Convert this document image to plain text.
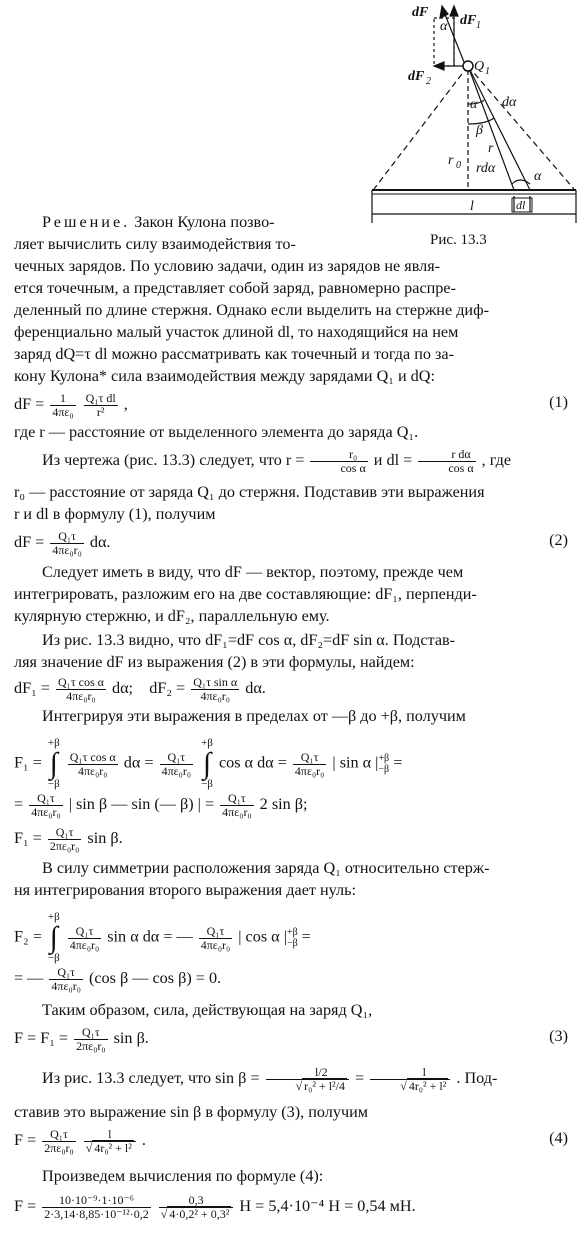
dF
α dF 1
Q 1
dF 2
α dα
β
r
r 0 rdα
α
dl
l
Рис. 13.3
Решение. Закон Кулона позво-
ляет вычислить силу взаимодействия то-
чечных зарядов. По условию задачи, один из зарядов не явля-
ется точечным, а представляет собой заряд, равномерно распре-
деленный по длине стержня. Однако если выделить на стержне диф-
ференциально малый участок длиной dl, то находящийся на нем
заряд dQ=τ dl можно рассматривать как точечный и тогда по за-
кону Кулона* сила взаимодействия между зарядами Q₁ и dQ:
dF = $\frac{1}{\text{4πε₀}}$
$\frac{\text{Q₁τ dl}}{\text{r²}}$ ,	(1)
где r — расстояние от выделенного элемента до заряда Q₁.
Из чертежа (рис. 13.3) следует, что $r = \frac{\text{r₀}}{\text{cos α}}$ и dl = $\frac{\text{r dα}}{\text{cos α}}$ , где
r₀ — расстояние от заряда Q₁ до стержня. Подставив эти выражения
r и dl в формулу (1), получим
dF = $\frac{\text{Q₁τ}}{\text{4πε₀r₀}} d\alpha$.	(2)
Следует иметь в виду, что dF — вектор, поэтому, прежде чем
интегрировать, разложим его на две составляющие: dF₁, перпенди-
кулярную стержню, и dF₂, параллельную ему.
Из рис. 13.3 видно, что dF₁=dF cos α, dF₂=dF sin α. Подстав-
ляя значение dF из выражения (2) в эти формулы, найдем:
$dF_1 = \frac{\text{Q₁τ cos α}}{\text{4πε₀r₀}} d\alpha$; $dF_2 = \frac{\text{Q₁τ sin α}}{\text{4πε₀r₀}} d\alpha$.
Интегрируя эти выражения в пределах от —β до +β, получим
F₁ = +β
∫
−β
$\frac{\text{Q₁τ cos α}}{\text{4πε₀r₀}}$ $d\alpha = \frac{\text{Q₁τ}}{\text{4πε₀r₀}}$
+β
∫
−β cos α $d\alpha = \frac{\text{Q₁τ}}{\text{4πε₀r₀}}$ | sin α | +β
−β =
= $\frac{\text{Q₁τ}}{\text{4πε₀r₀}}$ | sin β — sin (— β) | = $\frac{\text{Q₁τ}}{\text{4πε₀r₀}} 2$ sin β;
$F_1 = \frac{\text{Q₁τ}}{\text{2πε₀r₀}}$ sin β.
В силу симметрии расположения заряда Q₁ относительно стерж-
ня интегрирования второго выражения дает нуль:
F₂ = +β
∫
−β
$\frac{\text{Q₁τ}}{\text{4πε₀r₀}}$ sin α dα = — $\frac{\text{Q₁τ}}{\text{4πε₀r₀}}$ | cos α | +β
−β =
= — $\frac{\text{Q₁τ}}{\text{4πε₀r₀}} (\cos$ β — cos β) = 0.
Таким образом, сила, действующая на заряд Q₁,
$F = F_1 = \frac{\text{Q₁τ}}{\text{2πε₀r₀}}$ sin β.	(3)
Из рис. 13.3 следует, что $\sin \beta = \frac{l/2}{\text{√ r₀² + l²/4}} = \frac{l}{\text{√ 4r₀² + l²}}$ . Под-
ставив это выражение sin β в формулу (3), получим
$F = \frac{\text{Q₁τ}}{\text{2πε₀r₀}}$
$\frac{l}{\text{√ 4r₀² + l²}}$ .	(4)
Произведем вычисления по формуле (4):
$F = \frac{\text{10·10⁻⁹·1·10⁻⁶}}{\text{2·3,14·8,85·10⁻¹²·0,2}}$
$\frac{0,3}{\text{√ 4·0,2² + 0,3²}}$ Н = 5,4·10⁻⁴ Н = 0,54 мН.
